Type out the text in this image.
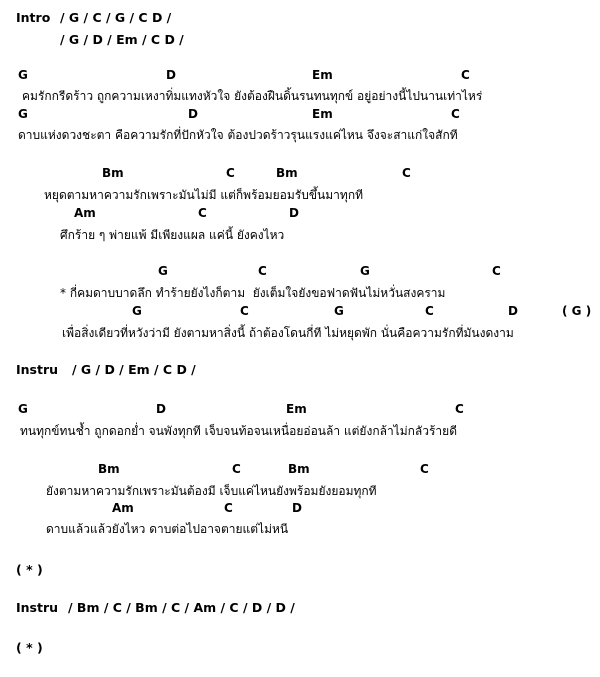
Intro / G / C / G / C D /
/ G / D / Em / C D /
G	D	Em	C
คมรักกรีดร้าว ถูกความเหงาทิ่มแทงหัวใจ ยังต้องฝืนดิ้นรนทนทุกข์ อยู่อย่างนี้ไปนานเท่าไหร่
G	D	Em	C
ดาบแห่งดวงชะตา คือความรักที่ปักหัวใจ ต้องปวดร้าวรุนแรงแค่ไหน จึงจะสาแก่ใจสักที
Bm	C	Bm	C
หยุดตามหาความรักเพราะมันไม่มี แต่ก็พร้อมยอมรับขึ้นมาทุกที
Am	C	D
ศึกร้าย ๆ พ่ายแพ้ มีเพียงแผล แค่นี้ ยังคงไหว
G	C	G	C
* กี่คมดาบบาดลึก ทำร้ายยังไงก็ตาม  ยังเต็มใจยังขอฟาดฟันไม่หวั่นสงคราม
G	C	G	C	D	( G )
เพื่อสิ่งเดียวที่หวังว่ามี ยังตามหาสิ่งนี้ ถ้าต้องโดนกี่ที ไม่หยุดพัก นั่นคือความรักที่มันงดงาม
Instru / G / D / Em / C D /
G	D	Em	C
ทนทุกข์ทนช้ำ ถูกดอกย่ำ จนพังทุกที เจ็บจนท้อจนเหนื่อยอ่อนล้า แต่ยังกล้าไม่กลัวร้ายดี
Bm	C	Bm	C
ยังตามหาความรักเพราะมันต้องมี เจ็บแค่ไหนยังพร้อมยังยอมทุกที
Am	C	D
ดาบแล้วแล้วยังไหว ดาบต่อไปอาจตายแต่ไม่หนี
( * )
Instru / Bm / C / Bm / C / Am / C / D / D /
( * )
